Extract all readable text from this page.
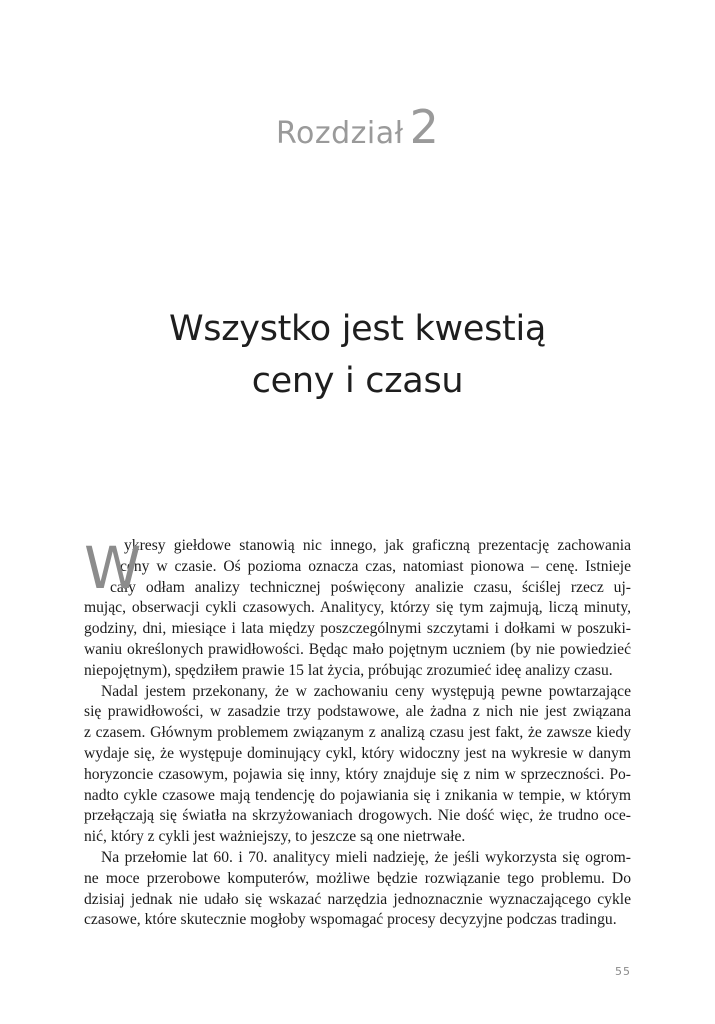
Rozdział 2
Wszystko jest kwestią
ceny i czasu
W
ykresy giełdowe stanowią nic innego, jak graficzną prezentację zachowania
ceny w czasie. Oś pozioma oznacza czas, natomiast pionowa – cenę. Istnieje
cały odłam analizy technicznej poświęcony analizie czasu, ściślej rzecz uj-
mując, obserwacji cykli czasowych. Analitycy, którzy się tym zajmują, liczą minuty,
godziny, dni, miesiące i lata między poszczególnymi szczytami i dołkami w poszuki-
waniu określonych prawidłowości. Będąc mało pojętnym uczniem (by nie powiedzieć
niepojętnym), spędziłem prawie 15 lat życia, próbując zrozumieć ideę analizy czasu.
Nadal jestem przekonany, że w zachowaniu ceny występują pewne powtarzające
się prawidłowości, w zasadzie trzy podstawowe, ale żadna z nich nie jest związana
z czasem. Głównym problemem związanym z analizą czasu jest fakt, że zawsze kiedy
wydaje się, że występuje dominujący cykl, który widoczny jest na wykresie w danym
horyzoncie czasowym, pojawia się inny, który znajduje się z nim w sprzeczności. Po-
nadto cykle czasowe mają tendencję do pojawiania się i znikania w tempie, w którym
przełączają się światła na skrzyżowaniach drogowych. Nie dość więc, że trudno oce-
nić, który z cykli jest ważniejszy, to jeszcze są one nietrwałe.
Na przełomie lat 60. i 70. analitycy mieli nadzieję, że jeśli wykorzysta się ogrom-
ne moce przerobowe komputerów, możliwe będzie rozwiązanie tego problemu. Do
dzisiaj jednak nie udało się wskazać narzędzia jednoznacznie wyznaczającego cykle
czasowe, które skutecznie mogłoby wspomagać procesy decyzyjne podczas tradingu.
55
